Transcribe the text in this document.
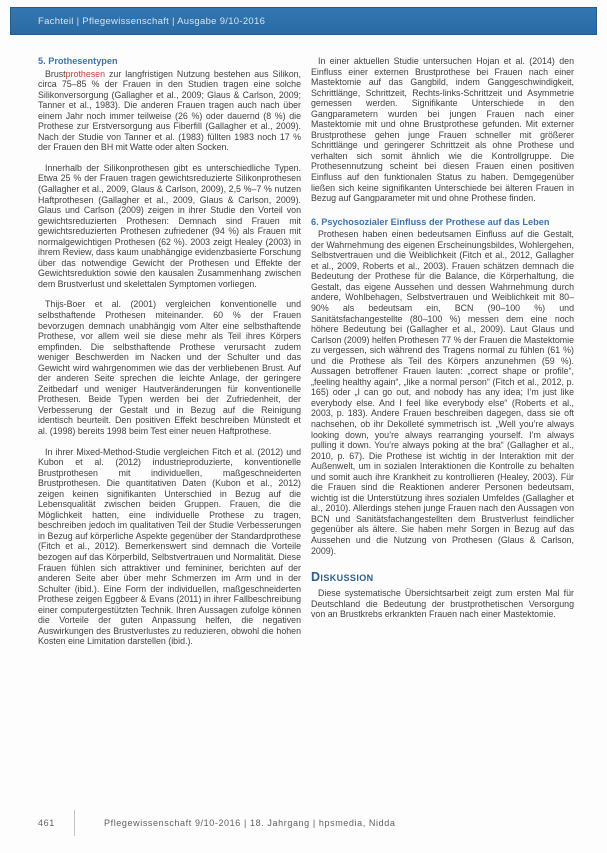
Fachteil | Pflegewissenschaft | Ausgabe 9/10-2016
5. Prothesentypen

Brustprothesen zur langfristigen Nutzung bestehen aus Silikon, circa 75–85 % der Frauen in den Studien tragen eine solche Silikonversorgung (Gallagher et al., 2009; Glaus & Carlson, 2009; Tanner et al., 1983). Die anderen Frauen tragen auch nach über einem Jahr noch immer teilweise (26 %) oder dauernd (8 %) die Prothese zur Erstversorgung aus Fiberfill (Gallagher et al., 2009). Nach der Studie von Tanner et al. (1983) füllten 1983 noch 17 % der Frauen den BH mit Watte oder alten Socken.

Innerhalb der Silikonprothesen gibt es unterschiedliche Typen. Etwa 25 % der Frauen tragen gewichtsreduzierte Silikonprothesen (Gallagher et al., 2009, Glaus & Carlson, 2009), 2,5 %–7 % nutzen Haftprothesen (Gallagher et al., 2009, Glaus & Carlson, 2009). Glaus und Carlson (2009) zeigen in ihrer Studie den Vorteil von gewichtsreduzierten Prothesen: Demnach sind Frauen mit gewichtsreduzierten Prothesen zufriedener (94 %) als Frauen mit normalgewichtigen Prothesen (62 %). 2003 zeigt Healey (2003) in ihrem Review, dass kaum unabhängige evidenzbasierte Forschung über das notwendige Gewicht der Prothesen und Effekte der Gewichtsreduktion sowie den kausalen Zusammenhang zwischen dem Brustverlust und skelettalen Symptomen vorliegen.

Thijs-Boer et al. (2001) vergleichen konventionelle und selbsthaftende Prothesen miteinander. 60 % der Frauen bevorzugen demnach unabhängig vom Alter eine selbsthaftende Prothese, vor allem weil sie diese mehr als Teil ihres Körpers empfinden. Die selbsthaftende Prothese verursacht zudem weniger Beschwerden im Nacken und der Schulter und das Gewicht wird wahrgenommen wie das der verbliebenen Brust. Auf der anderen Seite sprechen die leichte Anlage, der geringere Zeitbedarf und weniger Hautveränderungen für konventionelle Prothesen. Beide Typen werden bei der Zufriedenheit, der Verbesserung der Gestalt und in Bezug auf die Reinigung identisch beurteilt. Den positiven Effekt beschreiben Münstedt et al. (1998) bereits 1998 beim Test einer neuen Haftprothese.

In ihrer Mixed-Method-Studie vergleichen Fitch et al. (2012) und Kubon et al. (2012) industrieproduzierte, konventionelle Brustprothesen mit individuellen, maßgeschneiderten Brustprothesen. Die quantitativen Daten (Kubon et al., 2012) zeigen keinen signifikanten Unterschied in Bezug auf die Lebensqualität zwischen beiden Gruppen. Frauen, die die Möglichkeit hatten, eine individuelle Prothese zu tragen, beschreiben jedoch im qualitativen Teil der Studie Verbesserungen in Bezug auf körperliche Aspekte gegenüber der Standardprothese (Fitch et al., 2012). Bemerkenswert sind demnach die Vorteile bezogen auf das Körperbild, Selbstvertrauen und Normalität. Diese Frauen fühlen sich attraktiver und femininer, berichten auf der anderen Seite aber über mehr Schmerzen im Arm und in der Schulter (ibid.). Eine Form der individuellen, maßgeschneiderten Prothese zeigen Eggbeer & Evans (2011) in ihrer Fallbeschreibung einer computergestützten Technik. Ihren Aussagen zufolge können die Vorteile der guten Anpassung helfen, die negativen Auswirkungen des Brustverlustes zu reduzieren, obwohl die hohen Kosten eine Limitation darstellen (ibid.).

In einer aktuellen Studie untersuchen Hojan et al. (2014) den Einfluss einer externen Brustprothese bei Frauen nach einer Mastektomie auf das Gangbild, indem Ganggeschwindigkeit, Schrittlänge, Schrittzeit, Rechts-links-Schrittzeit und Asymmetrie gemessen werden. Signifikante Unterschiede in den Gangparametern wurden bei jungen Frauen nach einer Mastektomie mit und ohne Brustprothese gefunden. Mit externer Brustprothese gehen junge Frauen schneller mit größerer Schrittlänge und geringerer Schrittzeit als ohne Prothese und verhalten sich somit ähnlich wie die Kontrollgruppe. Die Prothesennutzung scheint bei diesen Frauen einen positiven Einfluss auf den funktionalen Status zu haben. Demgegenüber ließen sich keine signifikanten Unterschiede bei älteren Frauen in Bezug auf Gangparameter mit und ohne Prothese finden.

6. Psychosozialer Einfluss der Prothese auf das Leben

Prothesen haben einen bedeutsamen Einfluss auf die Gestalt, der Wahrnehmung des eigenen Erscheinungsbildes, Wohlergehen, Selbstvertrauen und die Weiblichkeit (Fitch et al., 2012, Gallagher et al., 2009, Roberts et al., 2003). Frauen schätzen demnach die Bedeutung der Prothese für die Balance, die Körperhaltung, die Gestalt, das eigene Aussehen und dessen Wahrnehmung durch andere, Wohlbehagen, Selbstvertrauen und Weiblichkeit mit 80–90% als bedeutsam ein, BCN (90–100 %) und Sanitätsfachangestellte (80–100 %) messen dem eine noch höhere Bedeutung bei (Gallagher et al., 2009). Laut Glaus und Carlson (2009) helfen Prothesen 77 % der Frauen die Mastektomie zu vergessen, sich während des Tragens normal zu fühlen (61 %) und die Prothese als Teil des Körpers anzunehmen (59 %). Aussagen betroffener Frauen lauten: „correct shape or profile“, „feeling healthy again“, „like a normal person“ (Fitch et al., 2012, p. 165) oder „I can go out, and nobody has any idea; I’m just like everybody else. And I feel like everybody else“ (Roberts et al., 2003, p. 183). Andere Frauen beschreiben dagegen, dass sie oft nachsehen, ob ihr Dekolleté symmetrisch ist. „Well you’re always looking down, you’re always rearranging yourself. I’m always pulling it down. You’re always poking at the bra“ (Gallagher et al., 2010, p. 67). Die Prothese ist wichtig in der Interaktion mit der Außenwelt, um in sozialen Interaktionen die Kontrolle zu behalten und somit auch ihre Krankheit zu kontrollieren (Healey, 2003). Für die Frauen sind die Reaktionen anderer Personen bedeutsam, wichtig ist die Unterstützung ihres sozialen Umfeldes (Gallagher et al., 2010). Allerdings stehen junge Frauen nach den Aussagen von BCN und Sanitätsfachangestellten dem Brustverlust feindlicher gegenüber als ältere. Sie haben mehr Sorgen in Bezug auf das Aussehen und die Nutzung von Prothesen (Glaus & Carlson, 2009).

Diskussion

Diese systematische Übersichtsarbeit zeigt zum ersten Mal für Deutschland die Bedeutung der brustprothetischen Versorgung von an Brustkrebs erkrankten Frauen nach einer Mastektomie.

461	Pflegewissenschaft 9/10-2016 | 18. Jahrgang | hpsmedia, Nidda
